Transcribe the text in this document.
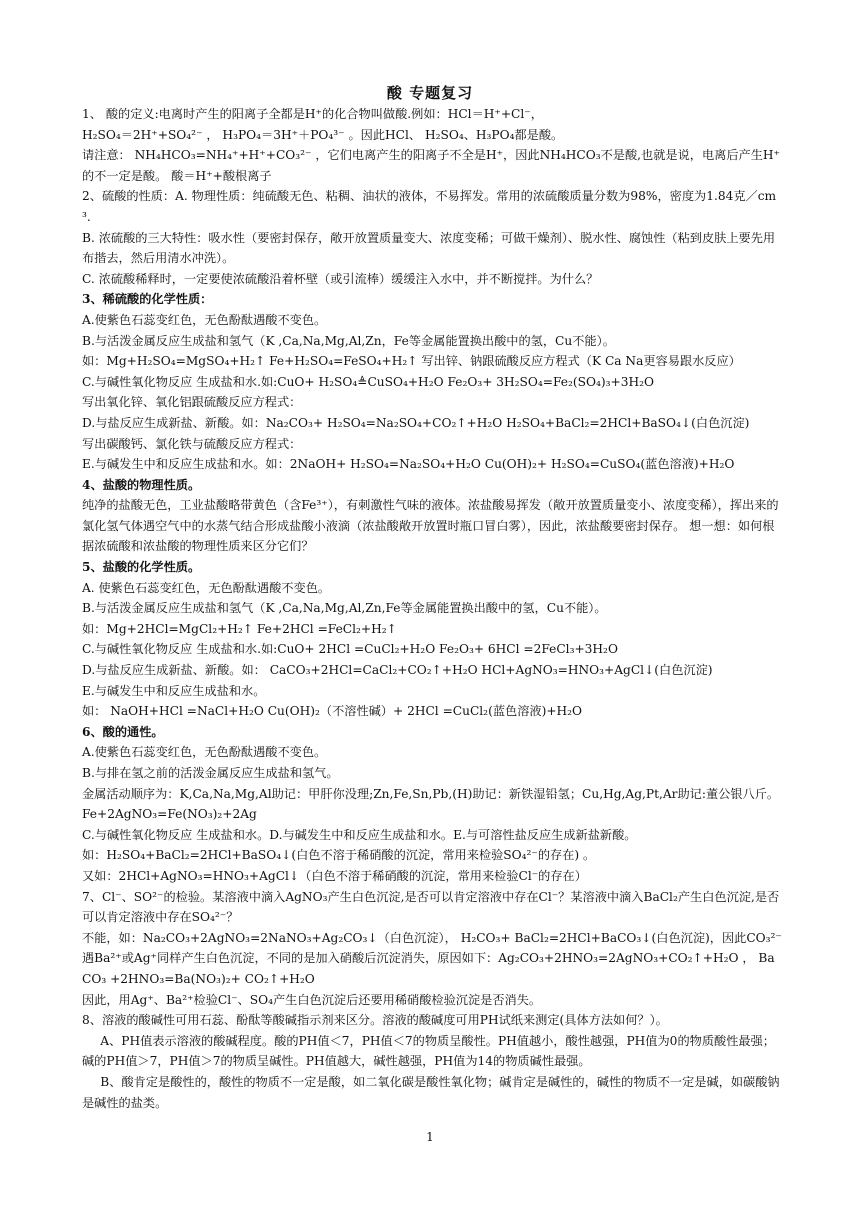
酸 专题复习

1、 酸的定义:电离时产生的阳离子全都是H⁺的化合物叫做酸.例如：HCl＝H⁺+Cl⁻，

H₂SO₄＝2H⁺+SO₄²⁻ ， H₃PO₄＝3H⁺＋PO₄³⁻ 。因此HCl、 H₂SO₄、H₃PO₄都是酸。

请注意： NH₄HCO₃=NH₄⁺+H⁺+CO₃²⁻ ，它们电离产生的阳离子不全是H⁺，因此NH₄HCO₃不是酸,也就是说，电离后产生H⁺的不一定是酸。 酸＝H⁺+酸根离子

2、硫酸的性质：A. 物理性质：纯硫酸无色、粘稠、油状的液体，不易挥发。常用的浓硫酸质量分数为98%，密度为1.84克／cm³.

B. 浓硫酸的三大特性：吸水性（要密封保存，敞开放置质量变大、浓度变稀；可做干燥剂）、脱水性、腐蚀性（粘到皮肤上要先用布揩去，然后用清水冲洗）。

C. 浓硫酸稀释时，一定要使浓硫酸沿着杯壁（或引流棒）缓缓注入水中，并不断搅拌。为什么？

3、稀硫酸的化学性质：

A.使紫色石蕊变红色，无色酚酞遇酸不变色。

B.与活泼金属反应生成盐和氢气（K ,Ca,Na,Mg,Al,Zn，Fe等金属能置换出酸中的氢，Cu不能）。

如：Mg+H₂SO₄=MgSO₄+H₂↑ Fe+H₂SO₄=FeSO₄+H₂↑ 写出锌、钠跟硫酸反应方程式（K Ca Na更容易跟水反应）

C.与碱性氧化物反应 生成盐和水.如:CuO+ H₂SO₄≜CuSO₄+H₂O Fe₂O₃+ 3H₂SO₄=Fe₂(SO₄)₃+3H₂O

写出氧化锌、氧化铝跟硫酸反应方程式：

D.与盐反应生成新盐、新酸。如：Na₂CO₃+ H₂SO₄=Na₂SO₄+CO₂↑+H₂O H₂SO₄+BaCl₂=2HCl+BaSO₄↓(白色沉淀)

写出碳酸钙、氯化铁与硫酸反应方程式：

E.与碱发生中和反应生成盐和水。如：2NaOH+ H₂SO₄=Na₂SO₄+H₂O Cu(OH)₂+ H₂SO₄=CuSO₄(蓝色溶液)+H₂O

4、盐酸的物理性质。

纯净的盐酸无色，工业盐酸略带黄色（含Fe³⁺），有刺激性气味的液体。浓盐酸易挥发（敞开放置质量变小、浓度变稀），挥出来的氯化氢气体遇空气中的水蒸气结合形成盐酸小液滴（浓盐酸敞开放置时瓶口冒白雾），因此，浓盐酸要密封保存。 想一想：如何根据浓硫酸和浓盐酸的物理性质来区分它们？

5、盐酸的化学性质。

A. 使紫色石蕊变红色，无色酚酞遇酸不变色。

B.与活泼金属反应生成盐和氢气（K ,Ca,Na,Mg,Al,Zn,Fe等金属能置换出酸中的氢，Cu不能）。

如：Mg+2HCl=MgCl₂+H₂↑ Fe+2HCl =FeCl₂+H₂↑

C.与碱性氧化物反应 生成盐和水.如:CuO+ 2HCl =CuCl₂+H₂O Fe₂O₃+ 6HCl =2FeCl₃+3H₂O

D.与盐反应生成新盐、新酸。如： CaCO₃+2HCl=CaCl₂+CO₂↑+H₂O HCl+AgNO₃=HNO₃+AgCl↓(白色沉淀)

E.与碱发生中和反应生成盐和水。

如： NaOH+HCl =NaCl+H₂O Cu(OH)₂（不溶性碱）+ 2HCl =CuCl₂(蓝色溶液)+H₂O

6、酸的通性。

A.使紫色石蕊变红色，无色酚酞遇酸不变色。

B.与排在氢之前的活泼金属反应生成盐和氢气。

金属活动顺序为：K,Ca,Na,Mg,Al助记：甲肝你没理;Zn,Fe,Sn,Pb,(H)助记：新铁湿铅氢；Cu,Hg,Ag,Pt,Ar助记:董公银八斤。 Fe+2AgNO₃=Fe(NO₃)₂+2Ag

C.与碱性氧化物反应 生成盐和水。D.与碱发生中和反应生成盐和水。E.与可溶性盐反应生成新盐新酸。

如：H₂SO₄+BaCl₂=2HCl+BaSO₄↓(白色不溶于稀硝酸的沉淀，常用来检验SO₄²⁻的存在) 。

又如：2HCl+AgNO₃=HNO₃+AgCl↓（白色不溶于稀硝酸的沉淀，常用来检验Cl⁻的存在）

7、Cl⁻、SO²⁻的检验。某溶液中滴入AgNO₃产生白色沉淀,是否可以肯定溶液中存在Cl⁻？某溶液中滴入BaCl₂产生白色沉淀,是否可以肯定溶液中存在SO₄²⁻？

不能，如：Na₂CO₃+2AgNO₃=2NaNO₃+Ag₂CO₃↓（白色沉淀）， H₂CO₃+ BaCl₂=2HCl+BaCO₃↓(白色沉淀)，因此CO₃²⁻遇Ba²⁺或Ag⁺同样产生白色沉淀，不同的是加入硝酸后沉淀消失，原因如下：Ag₂CO₃+2HNO₃=2AgNO₃+CO₂↑+H₂O ， BaCO₃ +2HNO₃=Ba(NO₃)₂+ CO₂↑+H₂O

因此，用Ag⁺、Ba²⁺检验Cl⁻、SO₄产生白色沉淀后还要用稀硝酸检验沉淀是否消失。

8、溶液的酸碱性可用石蕊、酚酞等酸碱指示剂来区分。溶液的酸碱度可用PH试纸来测定(具体方法如何？）。

A、PH值表示溶液的酸碱程度。酸的PH值＜7，PH值＜7的物质呈酸性。PH值越小，酸性越强，PH值为0的物质酸性最强；碱的PH值＞7，PH值＞7的物质呈碱性。PH值越大，碱性越强，PH值为14的物质碱性最强。

B、酸肯定是酸性的，酸性的物质不一定是酸，如二氧化碳是酸性氧化物；碱肯定是碱性的，碱性的物质不一定是碱，如碳酸钠是碱性的盐类。

1
